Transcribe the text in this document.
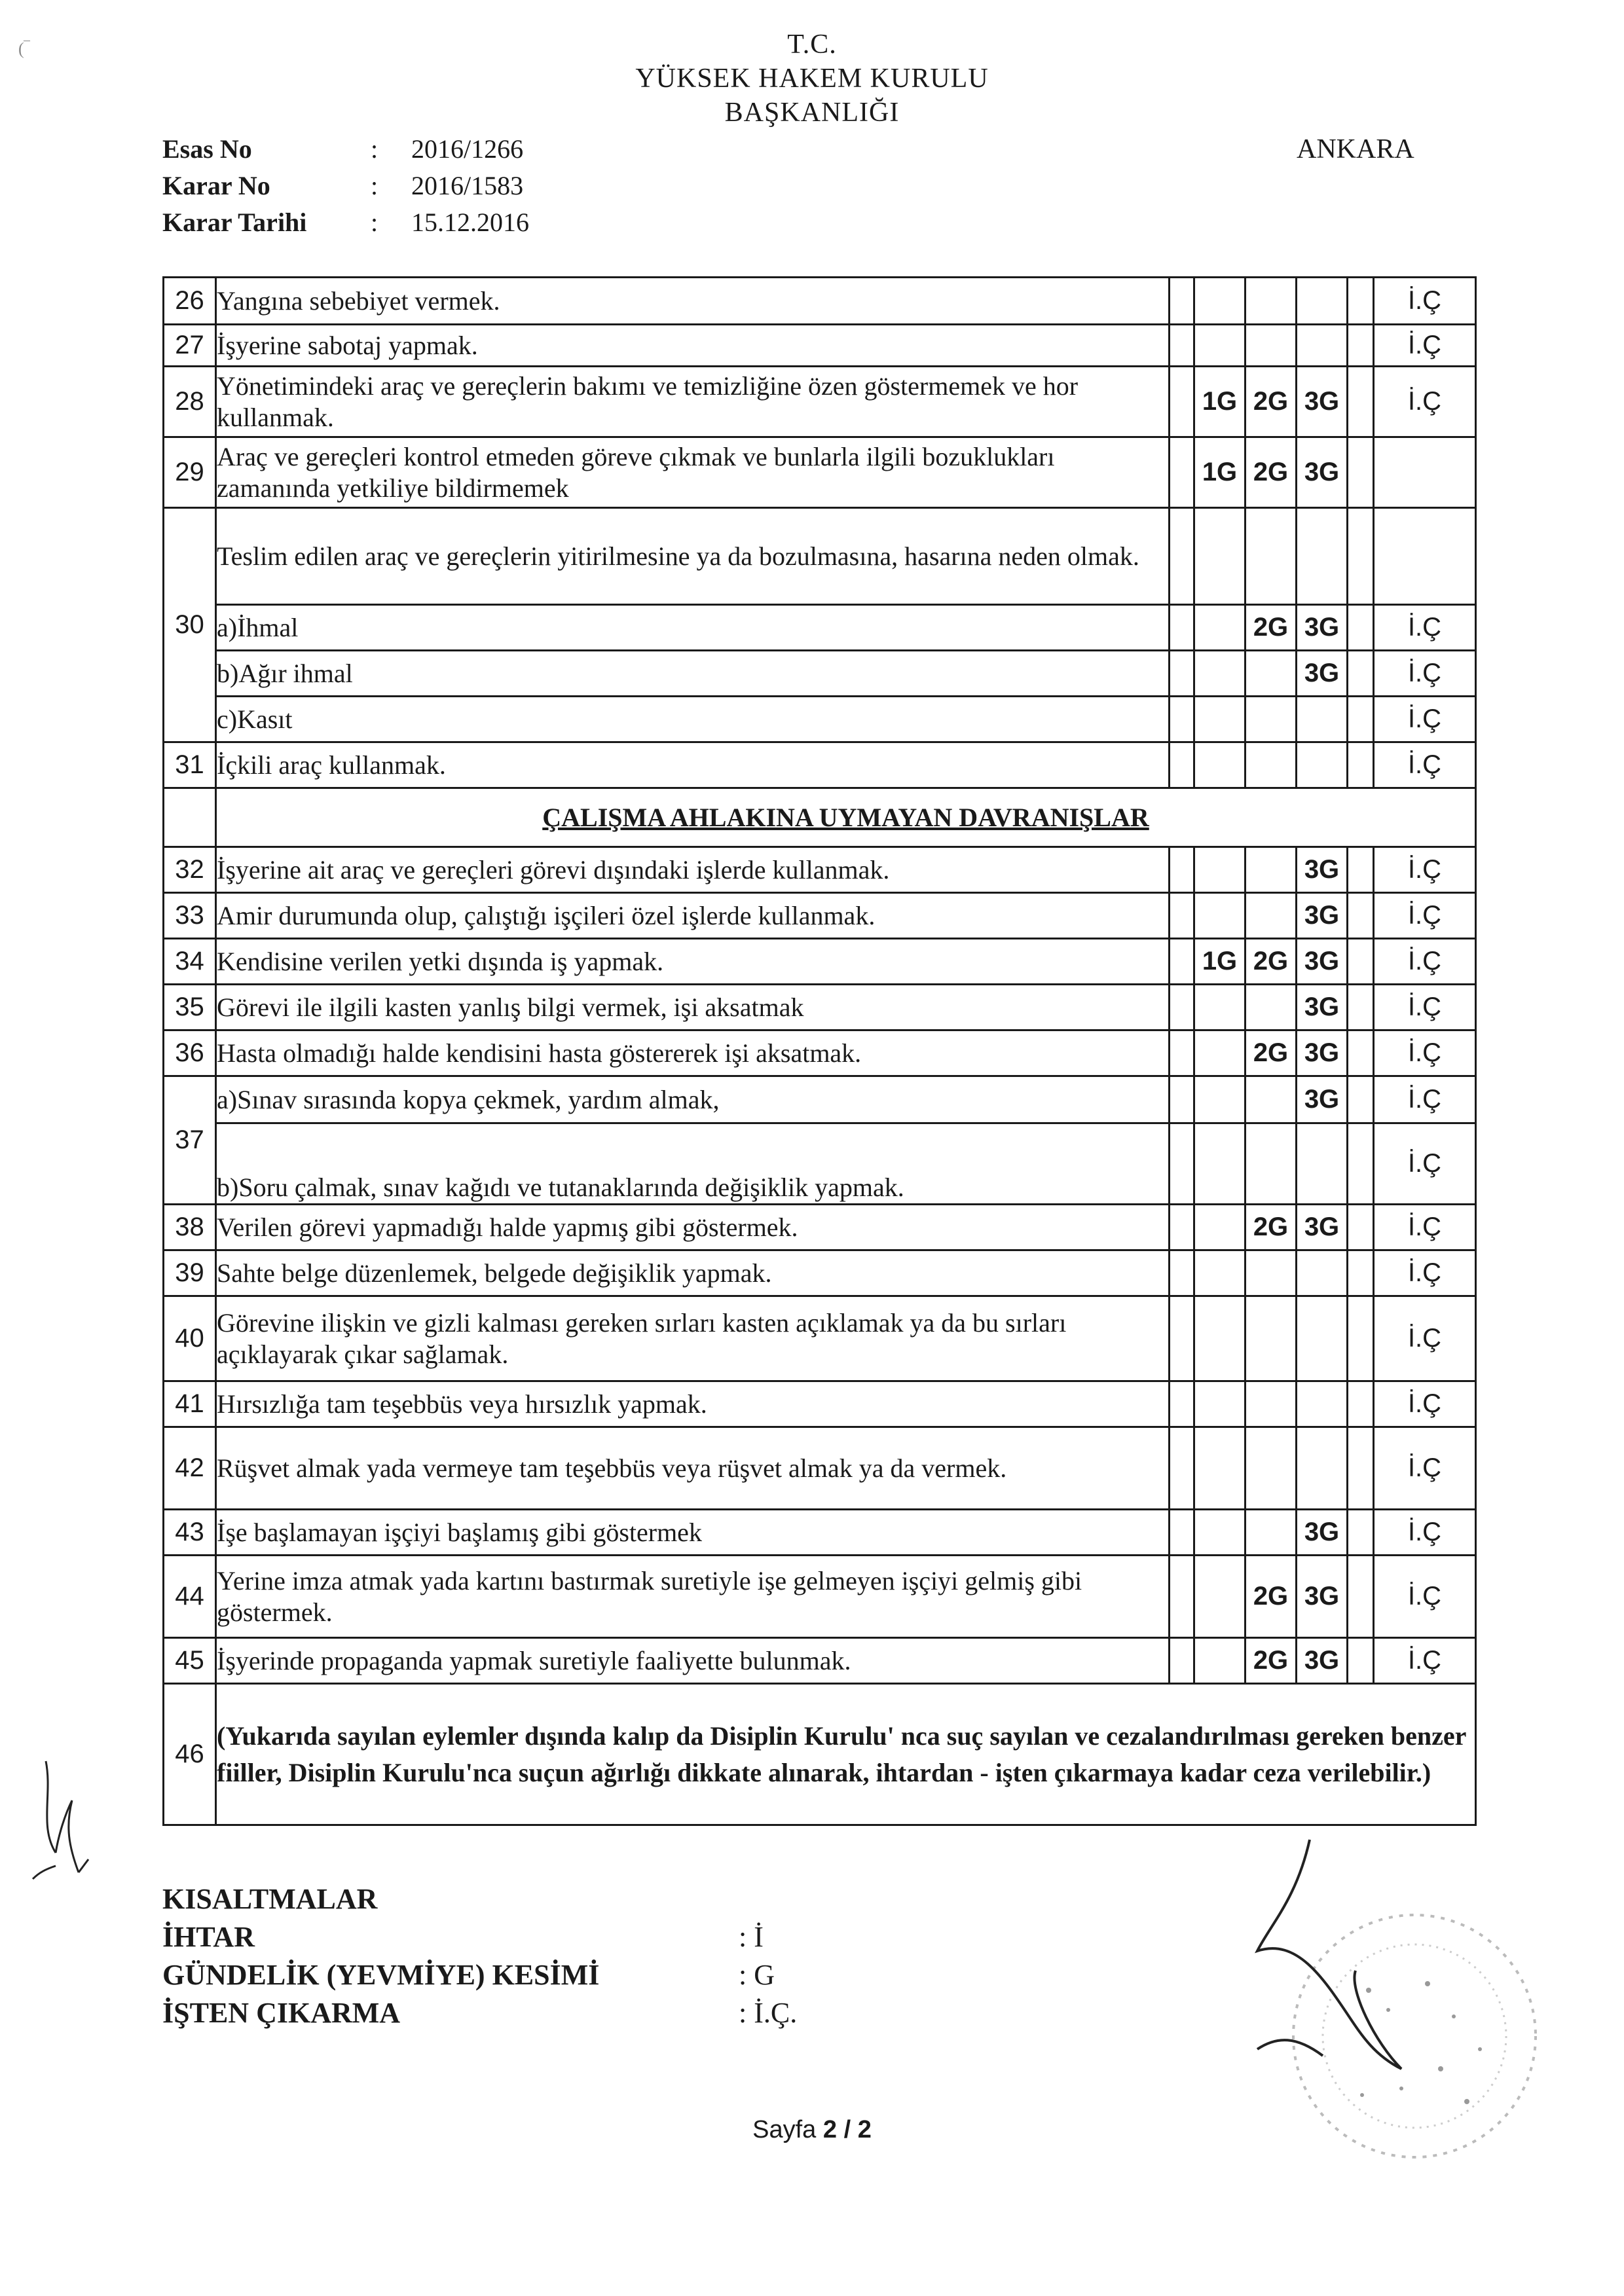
(‾	T.C.
YÜKSEK HAKEM KURULU
BAŞKANLIĞI
Esas No	:	2016/1266
Karar No	:	2016/1583
Karar Tarihi	:	15.12.2016
ANKARA
26	Yangına sebebiyet vermek.						İ.Ç
27	İşyerine sabotaj yapmak.						İ.Ç
28	Yönetimindeki araç ve gereçlerin bakımı ve temizliğine özen göstermemek ve hor kullanmak.		1G	2G	3G		İ.Ç
29	Araç ve gereçleri kontrol etmeden göreve çıkmak ve bunlarla ilgili bozuklukları zamanında yetkiliye bildirmemek		1G	2G	3G		
30	Teslim edilen araç ve gereçlerin yitirilmesine ya da bozulmasına, hasarına neden olmak.						
	a)İhmal			2G	3G		İ.Ç
	b)Ağır ihmal				3G		İ.Ç
	c)Kasıt						İ.Ç
31	İçkili araç kullanmak.						İ.Ç
	ÇALIŞMA AHLAKINA UYMAYAN DAVRANIŞLAR						
32	İşyerine ait araç ve gereçleri görevi dışındaki işlerde kullanmak.				3G		İ.Ç
33	Amir durumunda olup, çalıştığı işçileri özel işlerde kullanmak.				3G		İ.Ç
34	Kendisine verilen yetki dışında iş yapmak.		1G	2G	3G		İ.Ç
35	Görevi ile ilgili kasten yanlış bilgi vermek, işi aksatmak				3G		İ.Ç
36	Hasta olmadığı halde kendisini hasta göstererek işi aksatmak.			2G	3G		İ.Ç
37	a)Sınav sırasında kopya çekmek, yardım almak,				3G		İ.Ç
	b)Soru çalmak, sınav kağıdı ve tutanaklarında değişiklik yapmak.						İ.Ç
38	Verilen görevi yapmadığı halde yapmış gibi göstermek.			2G	3G		İ.Ç
39	Sahte belge düzenlemek, belgede değişiklik yapmak.						İ.Ç
40	Görevine ilişkin ve gizli kalması gereken sırları kasten açıklamak ya da bu sırları açıklayarak çıkar sağlamak.						İ.Ç
41	Hırsızlığa tam teşebbüs veya hırsızlık yapmak.						İ.Ç
42	Rüşvet almak yada vermeye tam teşebbüs veya rüşvet almak ya da vermek.						İ.Ç
43	İşe başlamayan işçiyi başlamış gibi göstermek				3G		İ.Ç
44	Yerine imza atmak yada kartını bastırmak suretiyle işe gelmeyen işçiyi gelmiş gibi göstermek.			2G	3G		İ.Ç
45	İşyerinde propaganda yapmak suretiyle faaliyette bulunmak.			2G	3G		İ.Ç
46	(Yukarıda sayılan eylemler dışında kalıp da Disiplin Kurulu' nca suç sayılan ve cezalandırılması gereken benzer fiiller, Disiplin Kurulu'nca suçun ağırlığı dikkate alınarak, ihtardan - işten çıkarmaya kadar ceza verilebilir.)						
KISALTMALAR
İHTAR	: İ
GÜNDELİK (YEVMİYE) KESİMİ	: G
İŞTEN ÇIKARMA	: İ.Ç.
Sayfa 2 / 2
